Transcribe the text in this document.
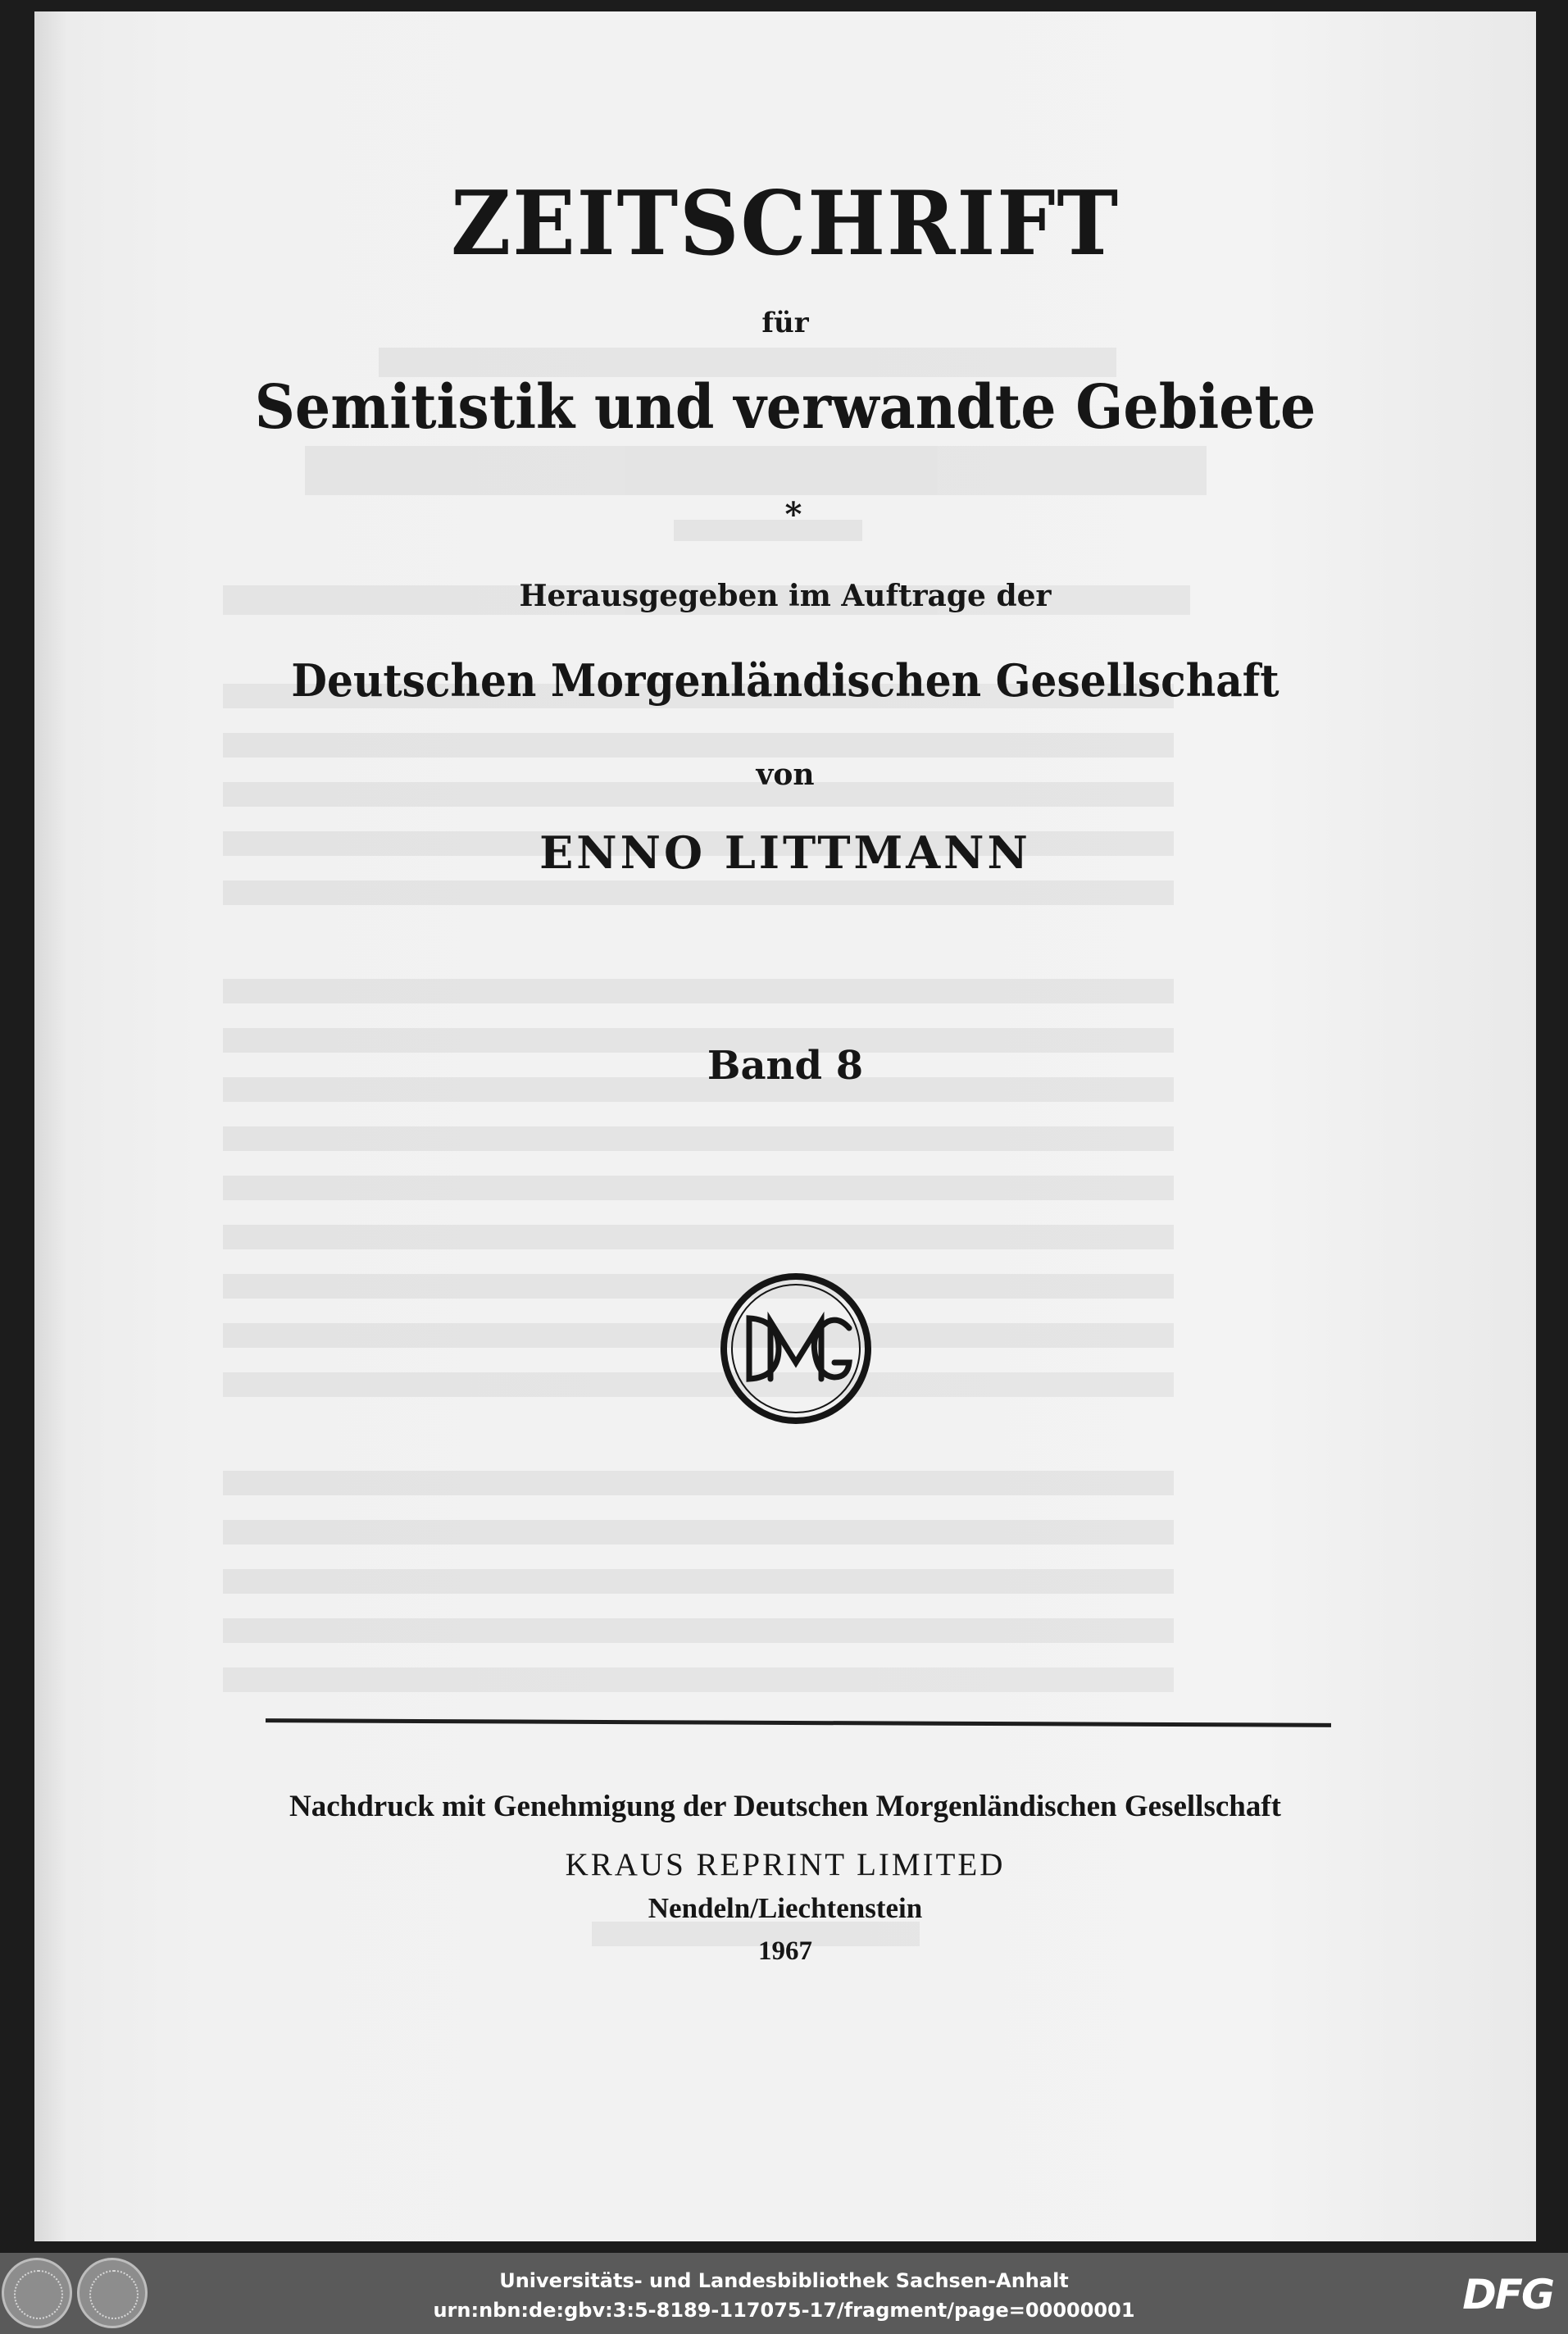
ZEITSCHRIFT
für
Semitistik und verwandte Gebiete
*
Herausgegeben im Auftrage der
Deutschen Morgenländischen Gesellschaft
von
ENNO LITTMANN
Band 8
Nachdruck mit Genehmigung der Deutschen Morgenländischen Gesellschaft
KRAUS REPRINT LIMITED
Nendeln/Liechtenstein
1967
Universitäts- und Landesbibliothek Sachsen-Anhalt
urn:nbn:de:gbv:3:5-8189-117075-17/fragment/page=00000001	DFG
